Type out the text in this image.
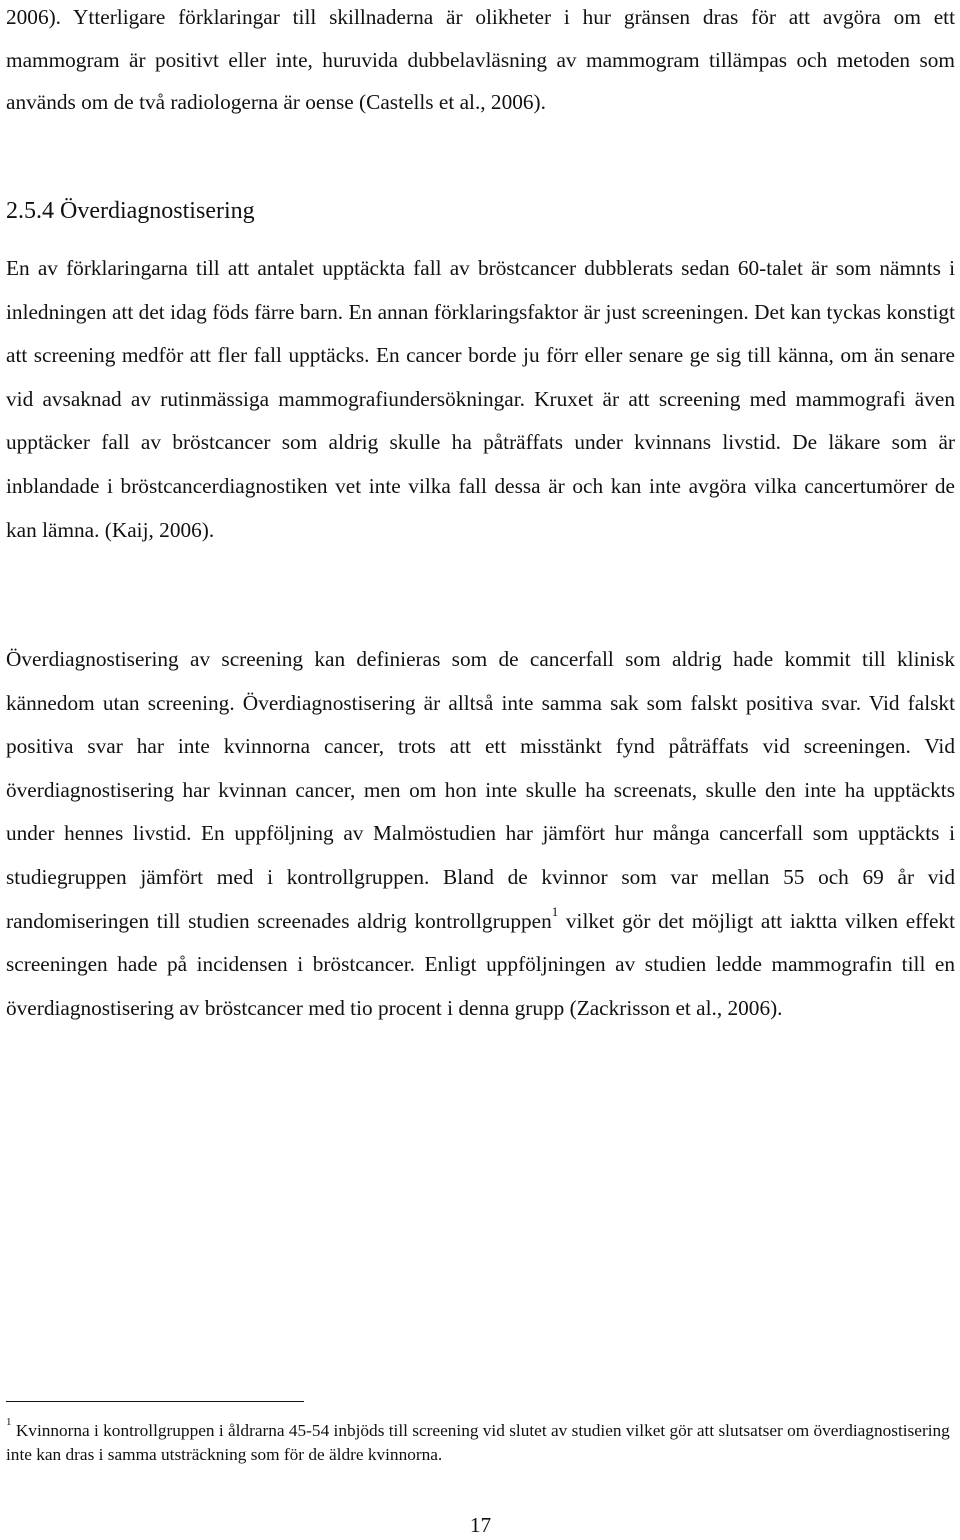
2006). Ytterligare förklaringar till skillnaderna är olikheter i hur gränsen dras för att avgöra om ett mammogram är positivt eller inte, huruvida dubbelavläsning av mammogram tillämpas och metoden som används om de två radiologerna är oense (Castells et al., 2006).

2.5.4 Överdiagnostisering

En av förklaringarna till att antalet upptäckta fall av bröstcancer dubblerats sedan 60-talet är som nämnts i inledningen att det idag föds färre barn. En annan förklaringsfaktor är just screeningen. Det kan tyckas konstigt att screening medför att fler fall upptäcks. En cancer borde ju förr eller senare ge sig till känna, om än senare vid avsaknad av rutinmässiga mammografiundersökningar. Kruxet är att screening med mammografi även upptäcker fall av bröstcancer som aldrig skulle ha påträffats under kvinnans livstid. De läkare som är inblandade i bröstcancerdiagnostiken vet inte vilka fall dessa är och kan inte avgöra vilka cancertumörer de kan lämna. (Kaij, 2006).

Överdiagnostisering av screening kan definieras som de cancerfall som aldrig hade kommit till klinisk kännedom utan screening. Överdiagnostisering är alltså inte samma sak som falskt positiva svar. Vid falskt positiva svar har inte kvinnorna cancer, trots att ett misstänkt fynd påträffats vid screeningen. Vid överdiagnostisering har kvinnan cancer, men om hon inte skulle ha screenats, skulle den inte ha upptäckts under hennes livstid. En uppföljning av Malmöstudien har jämfört hur många cancerfall som upptäckts i studiegruppen jämfört med i kontrollgruppen. Bland de kvinnor som var mellan 55 och 69 år vid randomiseringen till studien screenades aldrig kontrollgruppen$^1$ vilket gör det möjligt att iaktta vilken effekt screeningen hade på incidensen i bröstcancer. Enligt uppföljningen av studien ledde mammografin till en överdiagnostisering av bröstcancer med tio procent i denna grupp (Zackrisson et al., 2006).

$^1$ Kvinnorna i kontrollgruppen i åldrarna 45-54 inbjöds till screening vid slutet av studien vilket gör att slutsatser om överdiagnostisering inte kan dras i samma utsträckning som för de äldre kvinnorna.

17
